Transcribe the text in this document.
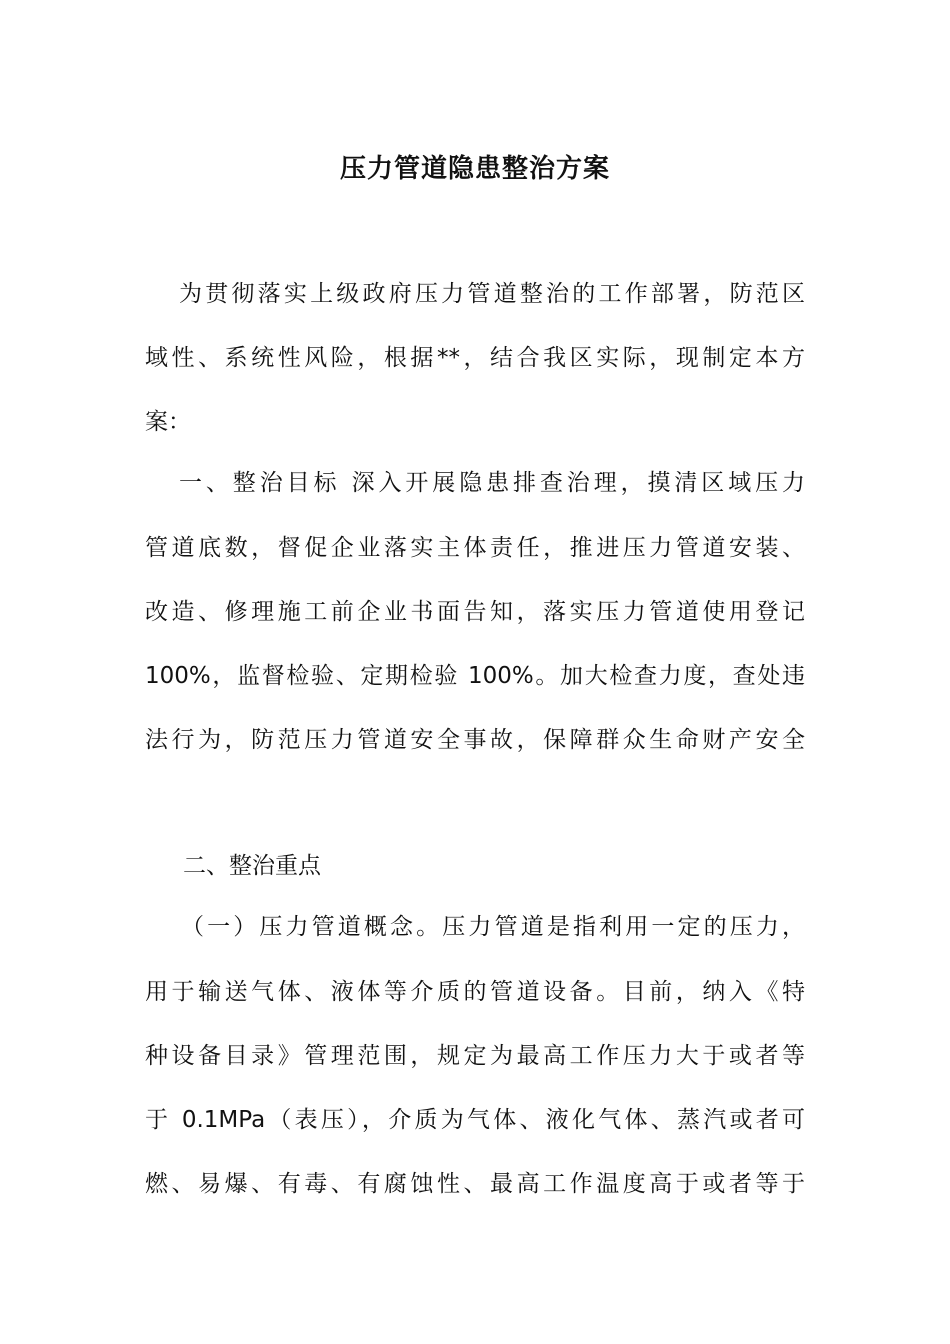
压力管道隐患整治方案

为贯彻落实上级政府压力管道整治的工作部署，防范区

域性、系统性风险，根据**，结合我区实际，现制定本方

案：

一、整治目标 深入开展隐患排查治理，摸清区域压力

管道底数，督促企业落实主体责任，推进压力管道安装、

改造、修理施工前企业书面告知，落实压力管道使用登记

100%，监督检验、定期检验 100%。加大检查力度，查处违

法行为，防范压力管道安全事故，保障群众生命财产安全

二、整治重点

（一）压力管道概念。压力管道是指利用一定的压力，

用于输送气体、液体等介质的管道设备。目前，纳入《特

种设备目录》管理范围，规定为最高工作压力大于或者等

于 0.1MPa（表压），介质为气体、液化气体、蒸汽或者可

燃、易爆、有毒、有腐蚀性、最高工作温度高于或者等于
